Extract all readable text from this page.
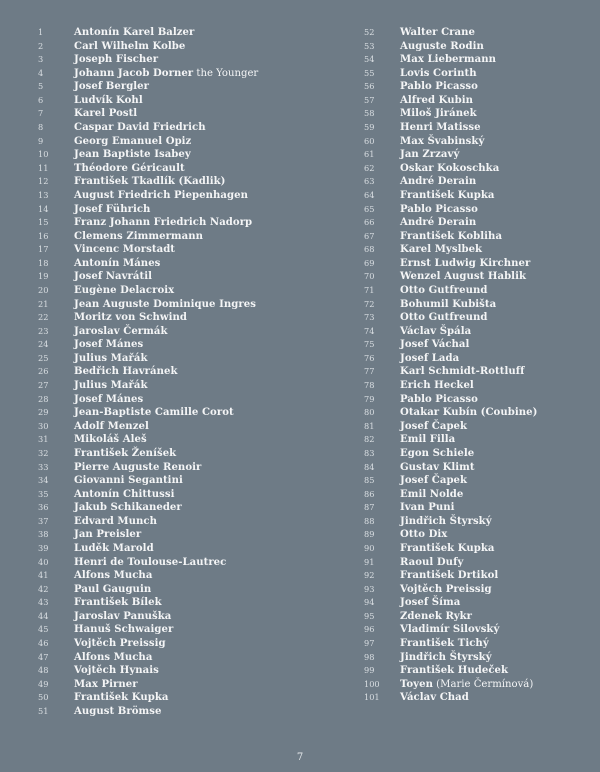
1	Antonín Karel Balzer
2	Carl Wilhelm Kolbe
3	Joseph Fischer
4	Johann Jacob Dorner the Younger
5	Josef Bergler
6	Ludvík Kohl
7	Karel Postl
8	Caspar David Friedrich
9	Georg Emanuel Opiz
10	Jean Baptiste Isabey
11	Théodore Géricault
12	František Tkadlík (Kadlik)
13	August Friedrich Piepenhagen
14	Josef Führich
15	Franz Johann Friedrich Nadorp
16	Clemens Zimmermann
17	Vincenc Morstadt
18	Antonín Mánes
19	Josef Navrátil
20	Eugène Delacroix
21	Jean Auguste Dominique Ingres
22	Moritz von Schwind
23	Jaroslav Čermák
24	Josef Mánes
25	Julius Mařák
26	Bedřich Havránek
27	Julius Mařák
28	Josef Mánes
29	Jean-Baptiste Camille Corot
30	Adolf Menzel
31	Mikoláš Aleš
32	František Ženíšek
33	Pierre Auguste Renoir
34	Giovanni Segantini
35	Antonín Chittussi
36	Jakub Schikaneder
37	Edvard Munch
38	Jan Preisler
39	Luděk Marold
40	Henri de Toulouse-Lautrec
41	Alfons Mucha
42	Paul Gauguin
43	František Bílek
44	Jaroslav Panuška
45	Hanuš Schwaiger
46	Vojtěch Preissig
47	Alfons Mucha
48	Vojtěch Hynais
49	Max Pirner
50	František Kupka
51	August Brömse
52	Walter Crane
53	Auguste Rodin
54	Max Liebermann
55	Lovis Corinth
56	Pablo Picasso
57	Alfred Kubin
58	Miloš Jiránek
59	Henri Matisse
60	Max Švabinský
61	Jan Zrzavý
62	Oskar Kokoschka
63	André Derain
64	František Kupka
65	Pablo Picasso
66	André Derain
67	František Kobliha
68	Karel Myslbek
69	Ernst Ludwig Kirchner
70	Wenzel August Hablik
71	Otto Gutfreund
72	Bohumil Kubišta
73	Otto Gutfreund
74	Václav Špála
75	Josef Váchal
76	Josef Lada
77	Karl Schmidt-Rottluff
78	Erich Heckel
79	Pablo Picasso
80	Otakar Kubín (Coubine)
81	Josef Čapek
82	Emil Filla
83	Egon Schiele
84	Gustav Klimt
85	Josef Čapek
86	Emil Nolde
87	Ivan Puni
88	Jindřich Štyrský
89	Otto Dix
90	František Kupka
91	Raoul Dufy
92	František Drtikol
93	Vojtěch Preissig
94	Josef Šíma
95	Zdenek Rykr
96	Vladimír Silovský
97	František Tichý
98	Jindřich Štyrský
99	František Hudeček
100 Toyen (Marie Čermínová)
101 Václav Chad
7
